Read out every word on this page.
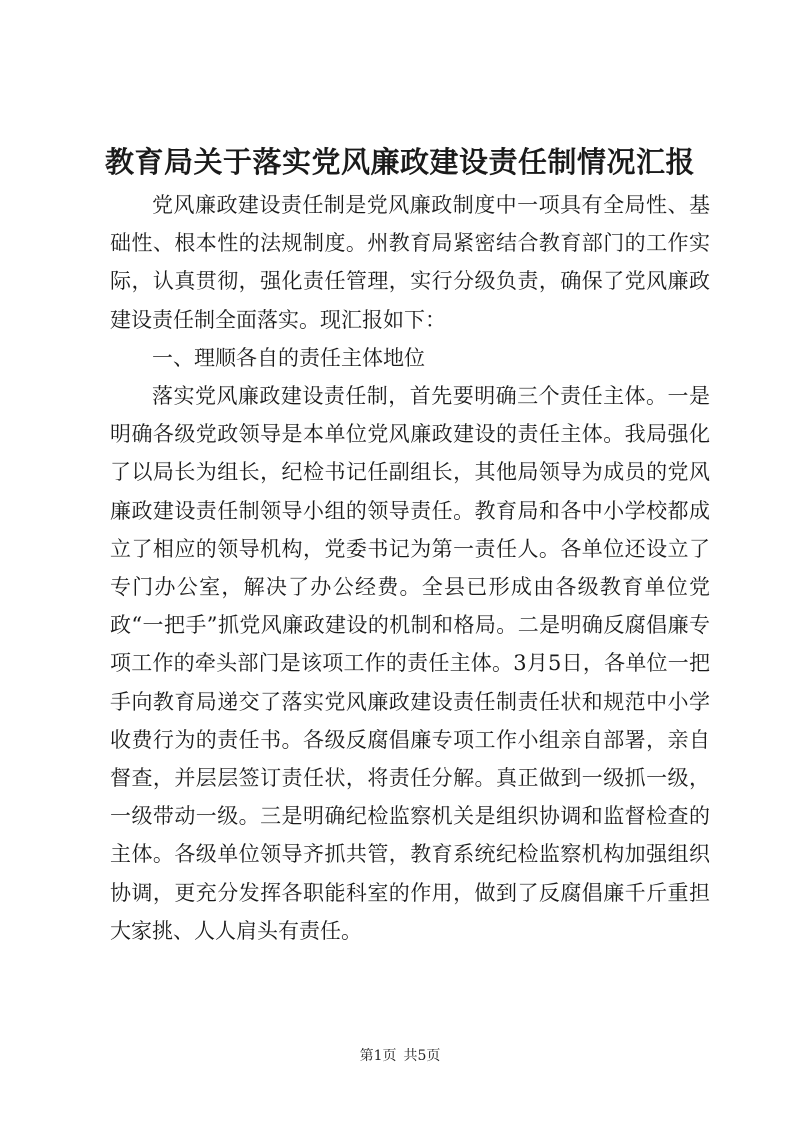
教育局关于落实党风廉政建设责任制情况汇报

党风廉政建设责任制是党风廉政制度中一项具有全局性、基础性、根本性的法规制度。州教育局紧密结合教育部门的工作实际，认真贯彻，强化责任管理，实行分级负责，确保了党风廉政建设责任制全面落实。现汇报如下：

一、理顺各自的责任主体地位

落实党风廉政建设责任制，首先要明确三个责任主体。一是明确各级党政领导是本单位党风廉政建设的责任主体。我局强化了以局长为组长，纪检书记任副组长，其他局领导为成员的党风廉政建设责任制领导小组的领导责任。教育局和各中小学校都成立了相应的领导机构，党委书记为第一责任人。各单位还设立了专门办公室，解决了办公经费。全县已形成由各级教育单位党政“一把手”抓党风廉政建设的机制和格局。二是明确反腐倡廉专项工作的牵头部门是该项工作的责任主体。3月5日，各单位一把手向教育局递交了落实党风廉政建设责任制责任状和规范中小学收费行为的责任书。各级反腐倡廉专项工作小组亲自部署，亲自督查，并层层签订责任状，将责任分解。真正做到一级抓一级，一级带动一级。三是明确纪检监察机关是组织协调和监督检查的主体。各级单位领导齐抓共管，教育系统纪检监察机构加强组织协调，更充分发挥各职能科室的作用，做到了反腐倡廉千斤重担大家挑、人人肩头有责任。

第1页 共5页
